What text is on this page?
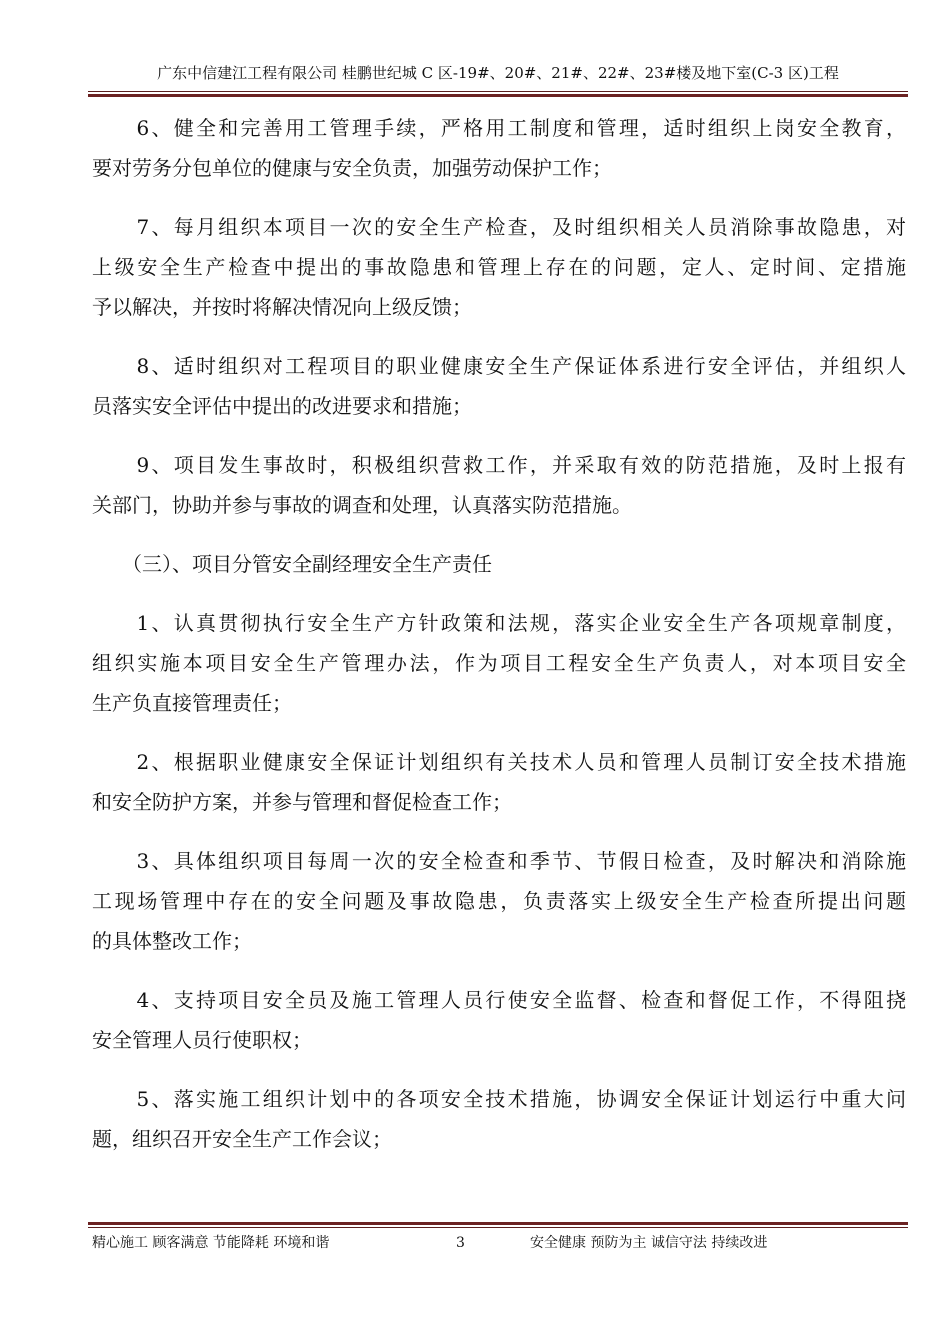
广东中信建江工程有限公司 桂鹏世纪城 C 区-19#、20#、21#、22#、23#楼及地下室(C-3 区)工程
　　6、健全和完善用工管理手续，严格用工制度和管理，适时组织上岗安全教育，
要对劳务分包单位的健康与安全负责，加强劳动保护工作；
　　7、每月组织本项目一次的安全生产检查，及时组织相关人员消除事故隐患，对
上级安全生产检查中提出的事故隐患和管理上存在的问题，定人、定时间、定措施
予以解决，并按时将解决情况向上级反馈；
　　8、适时组织对工程项目的职业健康安全生产保证体系进行安全评估，并组织人
员落实安全评估中提出的改进要求和措施；
　　9、项目发生事故时，积极组织营救工作，并采取有效的防范措施，及时上报有
关部门，协助并参与事故的调查和处理，认真落实防范措施。
　　（三）、项目分管安全副经理安全生产责任
　　1、认真贯彻执行安全生产方针政策和法规，落实企业安全生产各项规章制度，
组织实施本项目安全生产管理办法，作为项目工程安全生产负责人，对本项目安全
生产负直接管理责任；
　　2、根据职业健康安全保证计划组织有关技术人员和管理人员制订安全技术措施
和安全防护方案，并参与管理和督促检查工作；
　　3、具体组织项目每周一次的安全检查和季节、节假日检查，及时解决和消除施
工现场管理中存在的安全问题及事故隐患，负责落实上级安全生产检查所提出问题
的具体整改工作；
　　4、支持项目安全员及施工管理人员行使安全监督、检查和督促工作，不得阻挠
安全管理人员行使职权；
　　5、落实施工组织计划中的各项安全技术措施，协调安全保证计划运行中重大问
题，组织召开安全生产工作会议；
精心施工 顾客满意 节能降耗 环境和谐	3	安全健康 预防为主 诚信守法 持续改进
